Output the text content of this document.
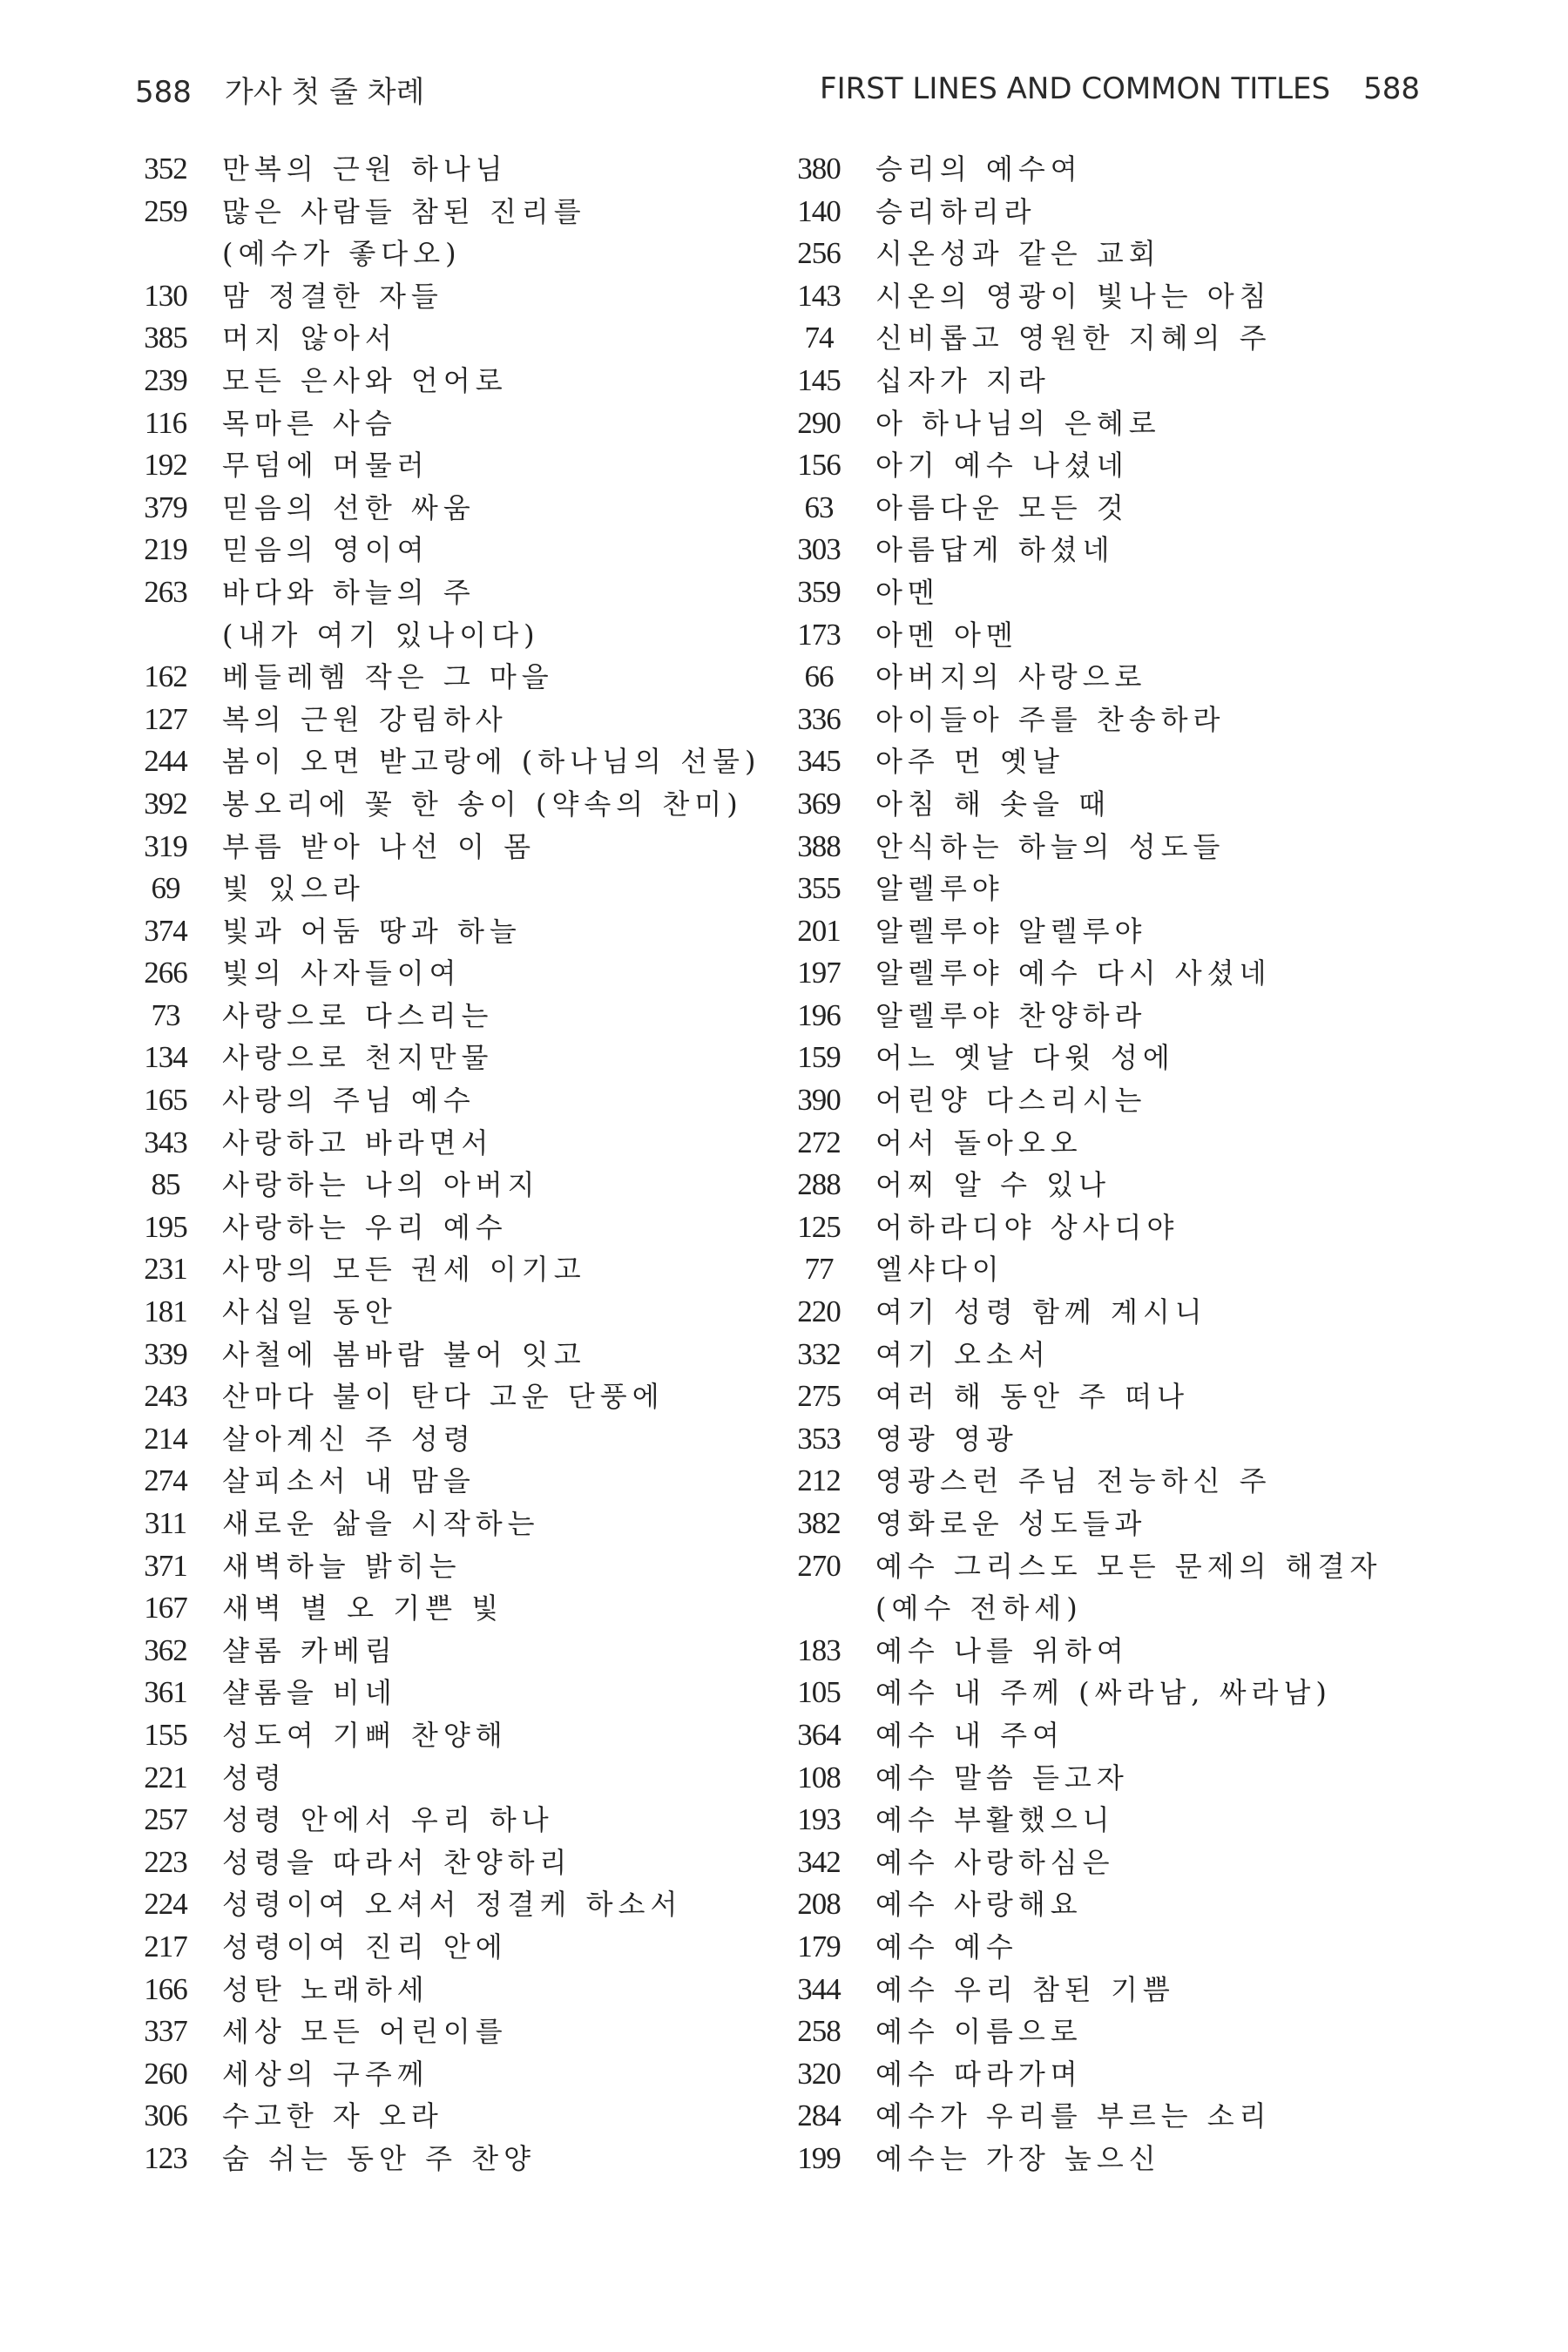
588 가사 첫 줄 차례	FIRST LINES AND COMMON TITLES 588
352	만복의 근원 하나님
259	많은 사람들 참된 진리를
(예수가 좋다오)
130	맘 정결한 자들
385	머지 않아서
239	모든 은사와 언어로
116	목마른 사슴
192	무덤에 머물러
379	믿음의 선한 싸움
219	믿음의 영이여
263	바다와 하늘의 주
(내가 여기 있나이다)
162	베들레헴 작은 그 마을
127	복의 근원 강림하사
244	봄이 오면 받고랑에 (하나님의 선물)
392	봉오리에 꽃 한 송이 (약속의 찬미)
319	부름 받아 나선 이 몸
69	빛 있으라
374	빛과 어둠 땅과 하늘
266	빛의 사자들이여
73	사랑으로 다스리는
134	사랑으로 천지만물
165	사랑의 주님 예수
343	사랑하고 바라면서
85	사랑하는 나의 아버지
195	사랑하는 우리 예수
231	사망의 모든 권세 이기고
181	사십일 동안
339	사철에 봄바람 불어 잇고
243	산마다 불이 탄다 고운 단풍에
214	살아계신 주 성령
274	살피소서 내 맘을
311	새로운 삶을 시작하는
371	새벽하늘 밝히는
167	새벽 별 오 기쁜 빛
362	샬롬 카베림
361	샬롬을 비네
155	성도여 기뻐 찬양해
221	성령
257	성령 안에서 우리 하나
223	성령을 따라서 찬양하리
224	성령이여 오셔서 정결케 하소서
217	성령이여 진리 안에
166	성탄 노래하세
337	세상 모든 어린이를
260	세상의 구주께
306	수고한 자 오라
123	숨 쉬는 동안 주 찬양
380	승리의 예수여
140	승리하리라
256	시온성과 같은 교회
143	시온의 영광이 빛나는 아침
74	신비롭고 영원한 지혜의 주
145	십자가 지라
290	아 하나님의 은혜로
156	아기 예수 나셨네
63	아름다운 모든 것
303	아름답게 하셨네
359	아멘
173	아멘 아멘
66	아버지의 사랑으로
336	아이들아 주를 찬송하라
345	아주 먼 옛날
369	아침 해 솟을 때
388	안식하는 하늘의 성도들
355	알렐루야
201	알렐루야 알렐루야
197	알렐루야 예수 다시 사셨네
196	알렐루야 찬양하라
159	어느 옛날 다윗 성에
390	어린양 다스리시는
272	어서 돌아오오
288	어찌 알 수 있나
125	어하라디야 상사디야
77	엘샤다이
220	여기 성령 함께 계시니
332	여기 오소서
275	여러 해 동안 주 떠나
353	영광 영광
212	영광스런 주님 전능하신 주
382	영화로운 성도들과
270	예수 그리스도 모든 문제의 해결자
(예수 전하세)
183	예수 나를 위하여
105	예수 내 주께 (싸라남, 싸라남)
364	예수 내 주여
108	예수 말씀 듣고자
193	예수 부활했으니
342	예수 사랑하심은
208	예수 사랑해요
179	예수 예수
344	예수 우리 참된 기쁨
258	예수 이름으로
320	예수 따라가며
284	예수가 우리를 부르는 소리
199	예수는 가장 높으신
